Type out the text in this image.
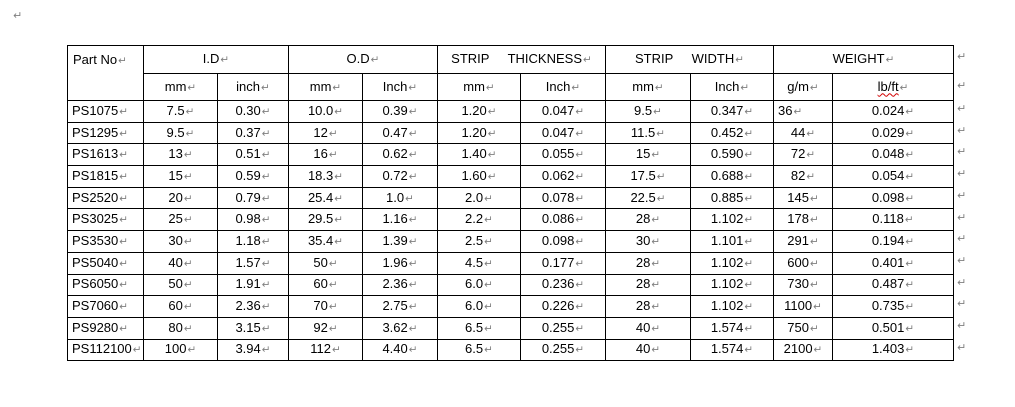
↵
Part No↵	I.D↵		O.D↵		STRIP THICKNESS↵		STRIP WIDTH↵		WEIGHT↵	
	mm↵	inch↵	mm↵	Inch↵	mm↵	Inch↵	mm↵	Inch↵	g/m↵	lb/ft↵
PS1075↵	7.5↵	0.30↵	10.0↵	0.39↵	1.20↵	0.047↵	9.5↵	0.347↵	36↵	0.024↵
PS1295↵	9.5↵	0.37↵	12↵	0.47↵	1.20↵	0.047↵	11.5↵	0.452↵	44↵	0.029↵
PS1613↵	13↵	0.51↵	16↵	0.62↵	1.40↵	0.055↵	15↵	0.590↵	72↵	0.048↵
PS1815↵	15↵	0.59↵	18.3↵	0.72↵	1.60↵	0.062↵	17.5↵	0.688↵	82↵	0.054↵
PS2520↵	20↵	0.79↵	25.4↵	1.0↵	2.0↵	0.078↵	22.5↵	0.885↵	145↵	0.098↵
PS3025↵	25↵	0.98↵	29.5↵	1.16↵	2.2↵	0.086↵	28↵	1.102↵	178↵	0.118↵
PS3530↵	30↵	1.18↵	35.4↵	1.39↵	2.5↵	0.098↵	30↵	1.101↵	291↵	0.194↵
PS5040↵	40↵	1.57↵	50↵	1.96↵	4.5↵	0.177↵	28↵	1.102↵	600↵	0.401↵
PS6050↵	50↵	1.91↵	60↵	2.36↵	6.0↵	0.236↵	28↵	1.102↵	730↵	0.487↵
PS7060↵	60↵	2.36↵	70↵	2.75↵	6.0↵	0.226↵	28↵	1.102↵	1100↵	0.735↵
PS9280↵	80↵	3.15↵	92↵	3.62↵	6.5↵	0.255↵	40↵	1.574↵	750↵	0.501↵
PS112100↵	100↵	3.94↵	112↵	4.40↵	6.5↵	0.255↵	40↵	1.574↵	2100↵	1.403↵
↵
↵
↵
↵
↵
↵
↵
↵
↵
↵
↵
↵
↵
↵
